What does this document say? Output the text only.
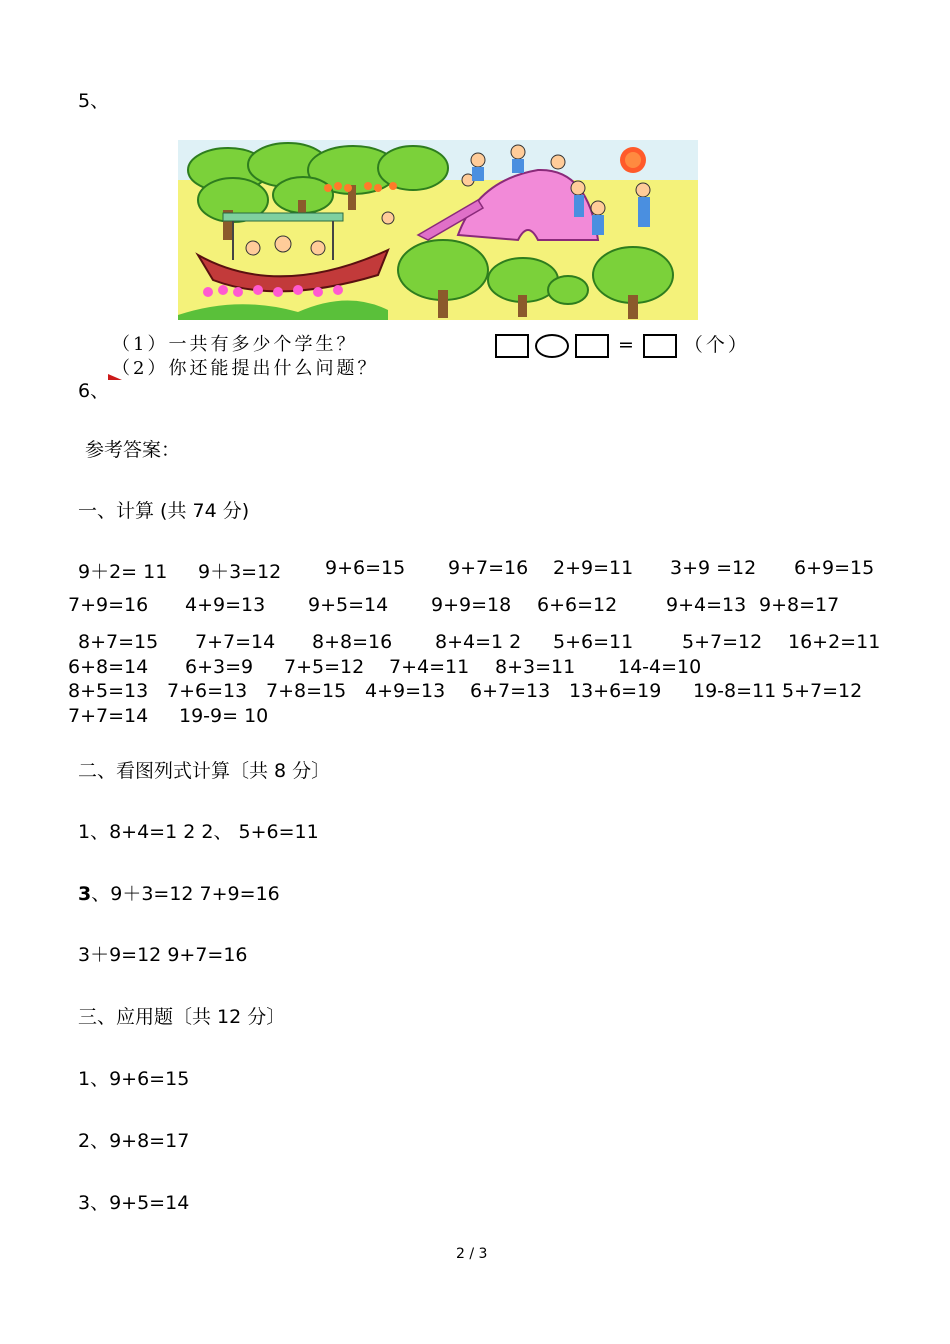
5、
（1）一共有多少个学生？	=	（个）
（2）你还能提出什么问题？
6、
参考答案：
一、计算 (共 74 分)
9＋2= 11 9＋3=12 9+6=15 9+7=16 2+9=11 3+9 =12 6+9=15
7+9=16 4+9=13 9+5=14 9+9=18 6+6=12	9+4=13 9+8=17
8+7=15 7+7=14 8+8=16 8+4=1 2 5+6=11	5+7=12 16+2=11
6+8=14 6+3=9 7+5=12 7+4=11 8+3=11 14-4=10
8+5=13 7+6=13 7+8=15 4+9=13 6+7=13 13+6=19 19-8=11 5+7=12
7+7=14 19-9= 10
二、看图列式计算〔共 8 分〕
1、8+4=1 2 2、 5+6=11
3、9＋3=12 7+9=16
3＋9=12 9+7=16
三、应用题〔共 12 分〕
1、9+6=15
2、9+8=17
3、9+5=14
2 / 3
